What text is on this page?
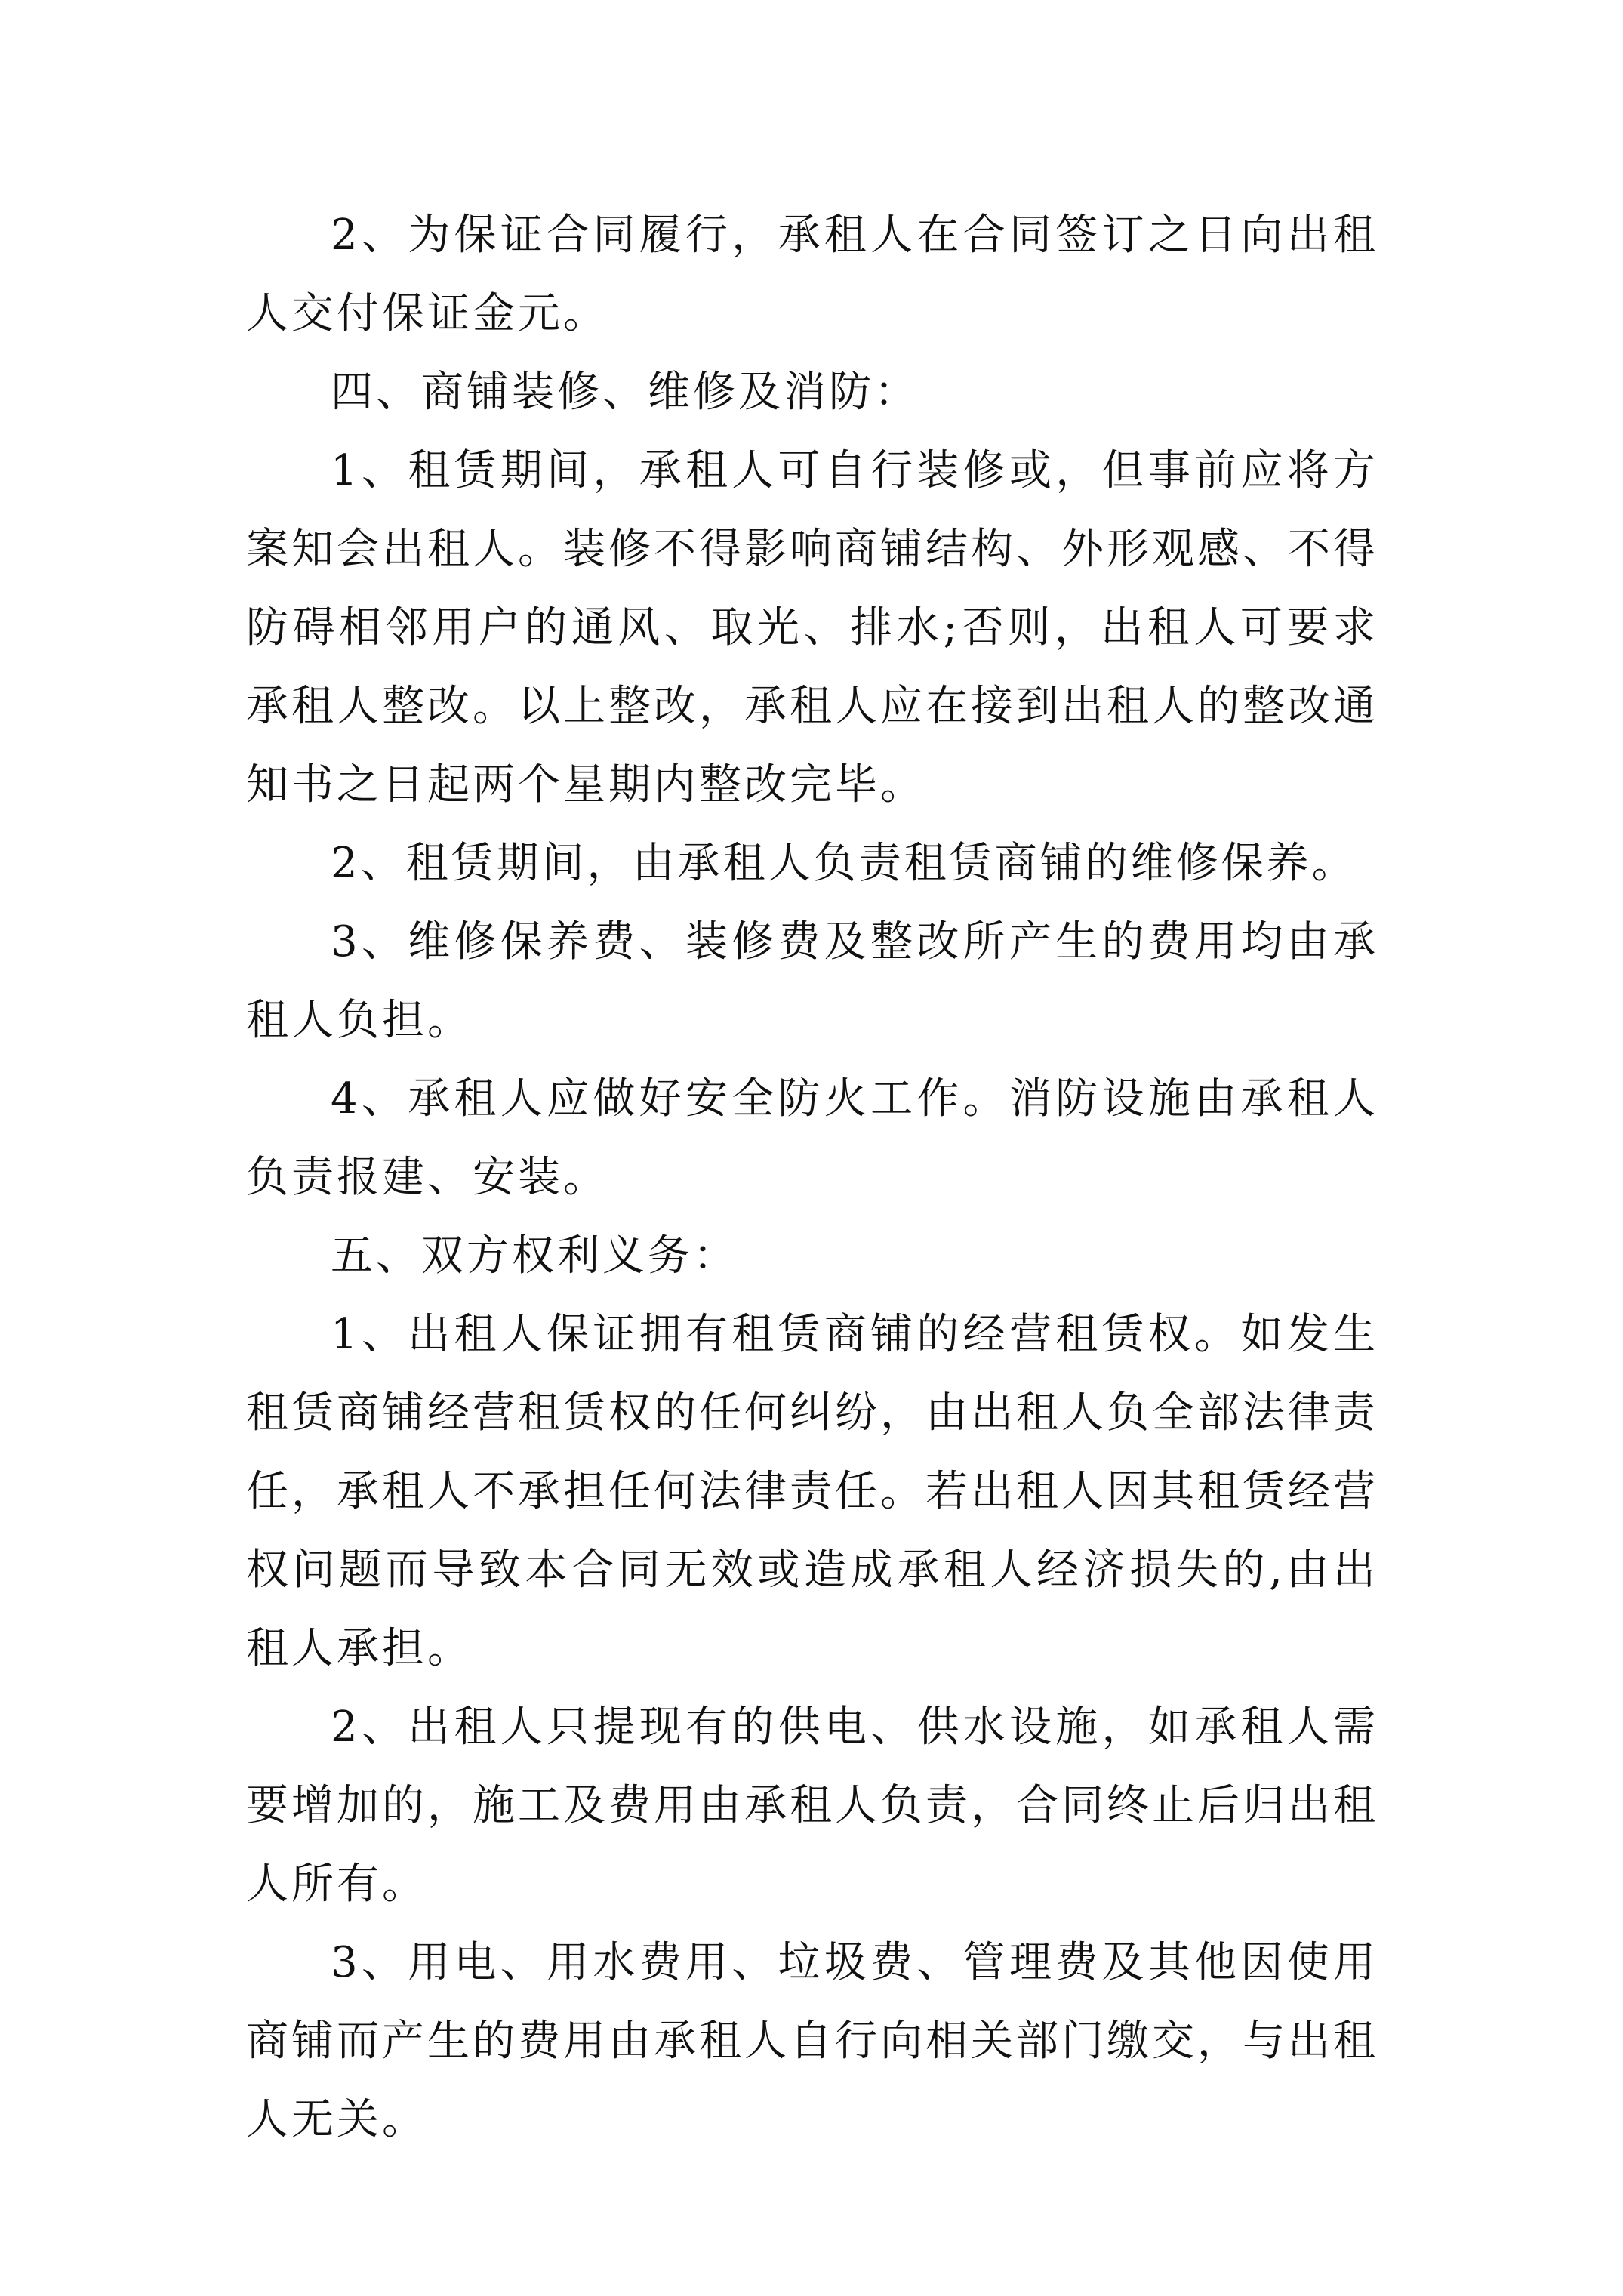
2、为保证合同履行，承租人在合同签订之日向出租人交付保证金元。

四、商铺装修、维修及消防：

1、租赁期间，承租人可自行装修或，但事前应将方案知会出租人。装修不得影响商铺结构、外形观感、不得防碍相邻用户的通风、取光、排水;否则，出租人可要求承租人整改。以上整改，承租人应在接到出租人的整改通知书之日起两个星期内整改完毕。

2、租赁期间，由承租人负责租赁商铺的维修保养。

3、维修保养费、装修费及整改所产生的费用均由承租人负担。

4、承租人应做好安全防火工作。消防设施由承租人负责报建、安装。

五、双方权利义务：

1、出租人保证拥有租赁商铺的经营租赁权。如发生租赁商铺经营租赁权的任何纠纷，由出租人负全部法律责任，承租人不承担任何法律责任。若出租人因其租赁经营权问题而导致本合同无效或造成承租人经济损失的,由出租人承担。

2、出租人只提现有的供电、供水设施，如承租人需要增加的，施工及费用由承租人负责，合同终止后归出租人所有。

3、用电、用水费用、垃圾费、管理费及其他因使用商铺而产生的费用由承租人自行向相关部门缴交，与出租人无关。
